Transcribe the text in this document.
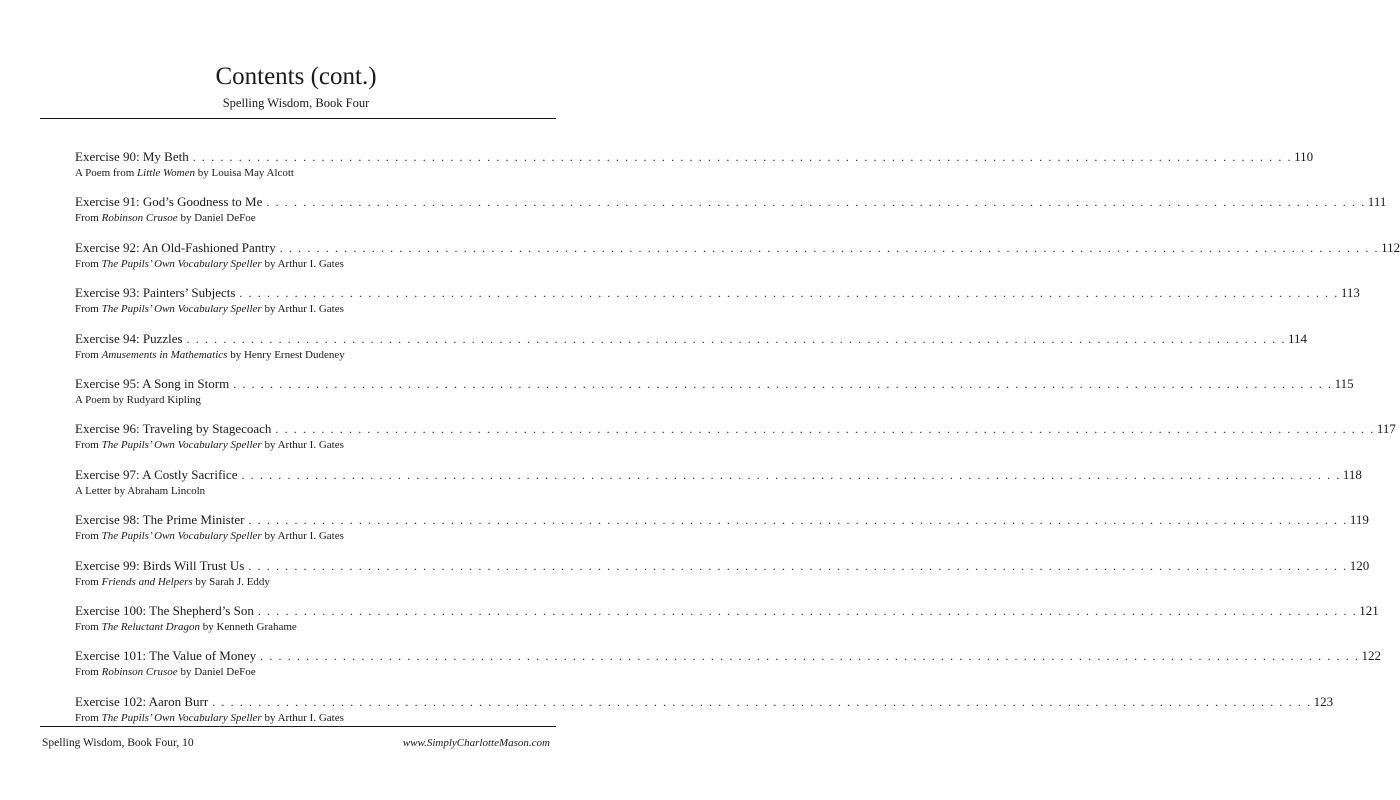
Contents (cont.)
Spelling Wisdom, Book Four
Exercise 90: My Beth . . . . . . . . . . . . . . . . . . . . . . . . . . . . . . . . . . . . . . . . . . . . . . . . . . . . . . . . . . . . . . . . . . . . . . . . . . . . . . . . . . . . . . . . . . . . . . . . . . . . . . . . . . . . . . . . . . . . . . . . 110
A Poem from Little Women by Louisa May Alcott
Exercise 91: God’s Goodness to Me . . . . . . . . . . . . . . . . . . . . . . . . . . . . . . . . . . . . . . . . . . . . . . . . . . . . . . . . . . . . . . . . . . . . . . . . . . . . . . . . . . . . . . . . . . . . . . . . . . . . . . . . . . . . . . . . . . . . . . . . 111
From Robinson Crusoe by Daniel DeFoe
Exercise 92: An Old-Fashioned Pantry . . . . . . . . . . . . . . . . . . . . . . . . . . . . . . . . . . . . . . . . . . . . . . . . . . . . . . . . . . . . . . . . . . . . . . . . . . . . . . . . . . . . . . . . . . . . . . . . . . . . . . . . . . . . . . . . . . . . . . . . 112
From The Pupils’ Own Vocabulary Speller by Arthur I. Gates
Exercise 93: Painters’ Subjects . . . . . . . . . . . . . . . . . . . . . . . . . . . . . . . . . . . . . . . . . . . . . . . . . . . . . . . . . . . . . . . . . . . . . . . . . . . . . . . . . . . . . . . . . . . . . . . . . . . . . . . . . . . . . . . . . . . . . . . . 113
From The Pupils’ Own Vocabulary Speller by Arthur I. Gates
Exercise 94: Puzzles . . . . . . . . . . . . . . . . . . . . . . . . . . . . . . . . . . . . . . . . . . . . . . . . . . . . . . . . . . . . . . . . . . . . . . . . . . . . . . . . . . . . . . . . . . . . . . . . . . . . . . . . . . . . . . . . . . . . . . . . 114
From Amusements in Mathematics by Henry Ernest Dudeney
Exercise 95: A Song in Storm . . . . . . . . . . . . . . . . . . . . . . . . . . . . . . . . . . . . . . . . . . . . . . . . . . . . . . . . . . . . . . . . . . . . . . . . . . . . . . . . . . . . . . . . . . . . . . . . . . . . . . . . . . . . . . . . . . . . . . . . 115
A Poem by Rudyard Kipling
Exercise 96: Traveling by Stagecoach . . . . . . . . . . . . . . . . . . . . . . . . . . . . . . . . . . . . . . . . . . . . . . . . . . . . . . . . . . . . . . . . . . . . . . . . . . . . . . . . . . . . . . . . . . . . . . . . . . . . . . . . . . . . . . . . . . . . . . . . 117
From The Pupils’ Own Vocabulary Speller by Arthur I. Gates
Exercise 97: A Costly Sacrifice . . . . . . . . . . . . . . . . . . . . . . . . . . . . . . . . . . . . . . . . . . . . . . . . . . . . . . . . . . . . . . . . . . . . . . . . . . . . . . . . . . . . . . . . . . . . . . . . . . . . . . . . . . . . . . . . . . . . . . . . 118
A Letter by Abraham Lincoln
Exercise 98: The Prime Minister . . . . . . . . . . . . . . . . . . . . . . . . . . . . . . . . . . . . . . . . . . . . . . . . . . . . . . . . . . . . . . . . . . . . . . . . . . . . . . . . . . . . . . . . . . . . . . . . . . . . . . . . . . . . . . . . . . . . . . . . 119
From The Pupils’ Own Vocabulary Speller by Arthur I. Gates
Exercise 99: Birds Will Trust Us . . . . . . . . . . . . . . . . . . . . . . . . . . . . . . . . . . . . . . . . . . . . . . . . . . . . . . . . . . . . . . . . . . . . . . . . . . . . . . . . . . . . . . . . . . . . . . . . . . . . . . . . . . . . . . . . . . . . . . . . 120
From Friends and Helpers by Sarah J. Eddy
Exercise 100: The Shepherd’s Son . . . . . . . . . . . . . . . . . . . . . . . . . . . . . . . . . . . . . . . . . . . . . . . . . . . . . . . . . . . . . . . . . . . . . . . . . . . . . . . . . . . . . . . . . . . . . . . . . . . . . . . . . . . . . . . . . . . . . . . . 121
From The Reluctant Dragon by Kenneth Grahame
Exercise 101: The Value of Money . . . . . . . . . . . . . . . . . . . . . . . . . . . . . . . . . . . . . . . . . . . . . . . . . . . . . . . . . . . . . . . . . . . . . . . . . . . . . . . . . . . . . . . . . . . . . . . . . . . . . . . . . . . . . . . . . . . . . . . . 122
From Robinson Crusoe by Daniel DeFoe
Exercise 102: Aaron Burr . . . . . . . . . . . . . . . . . . . . . . . . . . . . . . . . . . . . . . . . . . . . . . . . . . . . . . . . . . . . . . . . . . . . . . . . . . . . . . . . . . . . . . . . . . . . . . . . . . . . . . . . . . . . . . . . . . . . . . . . 123
From The Pupils’ Own Vocabulary Speller by Arthur I. Gates
Spelling Wisdom, Book Four, 10	www.SimplyCharlotteMason.com
